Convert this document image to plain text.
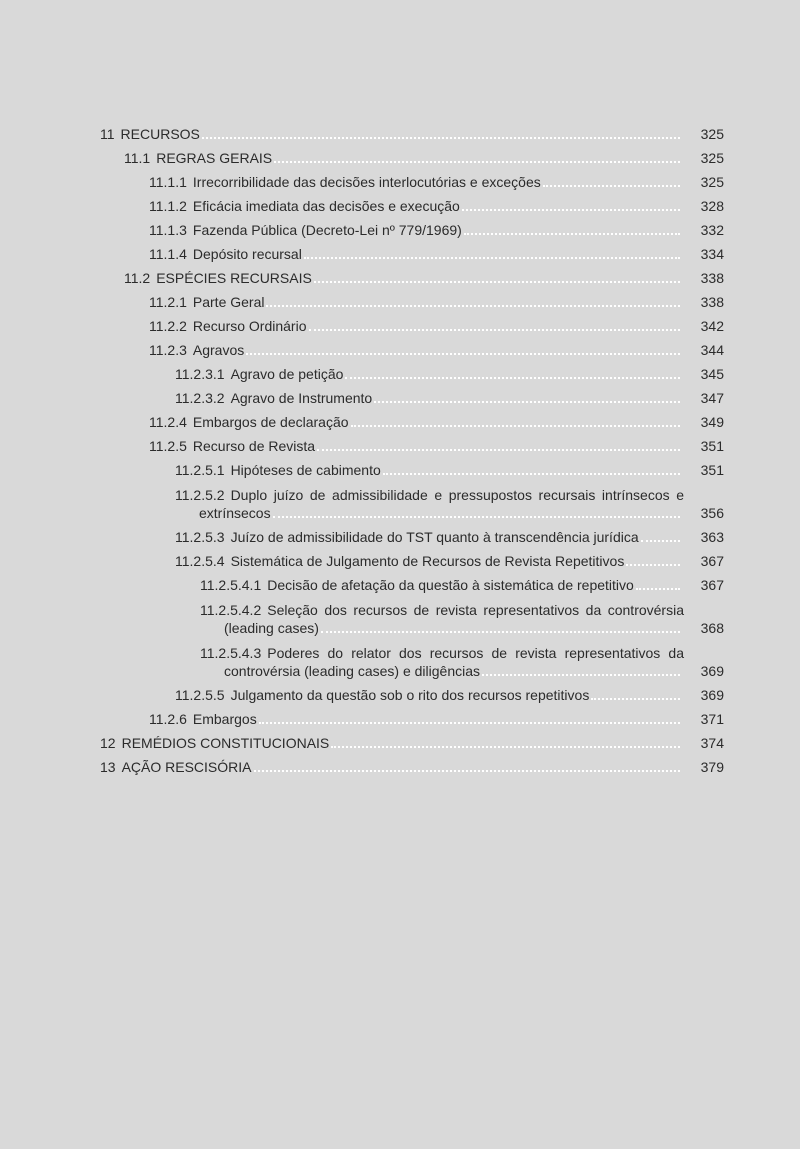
11 RECURSOS	325
11.1 REGRAS GERAIS	325
11.1.1 Irrecorribilidade das decisões interlocutórias e exceções	325
11.1.2 Eficácia imediata das decisões e execução	328
11.1.3 Fazenda Pública (Decreto-Lei nº 779/1969)	332
11.1.4 Depósito recursal	334
11.2 ESPÉCIES RECURSAIS	338
11.2.1 Parte Geral	338
11.2.2 Recurso Ordinário	342
11.2.3 Agravos	344
11.2.3.1 Agravo de petição	345
11.2.3.2 Agravo de Instrumento	347
11.2.4 Embargos de declaração	349
11.2.5 Recurso de Revista	351
11.2.5.1 Hipóteses de cabimento	351
11.2.5.2 Duplo juízo de admissibilidade e pressupostos recursais intrínsecos e
extrínsecos	356
11.2.5.3 Juízo de admissibilidade do TST quanto à transcendência jurídica	363
11.2.5.4 Sistemática de Julgamento de Recursos de Revista Repetitivos	367
11.2.5.4.1 Decisão de afetação da questão à sistemática de repetitivo	367
11.2.5.4.2 Seleção dos recursos de revista representativos da controvérsia
(leading cases)	368
11.2.5.4.3 Poderes do relator dos recursos de revista representativos da
controvérsia (leading cases) e diligências	369
11.2.5.5 Julgamento da questão sob o rito dos recursos repetitivos	369
11.2.6 Embargos	371
12 REMÉDIOS CONSTITUCIONAIS	374
13 AÇÃO RESCISÓRIA	379
